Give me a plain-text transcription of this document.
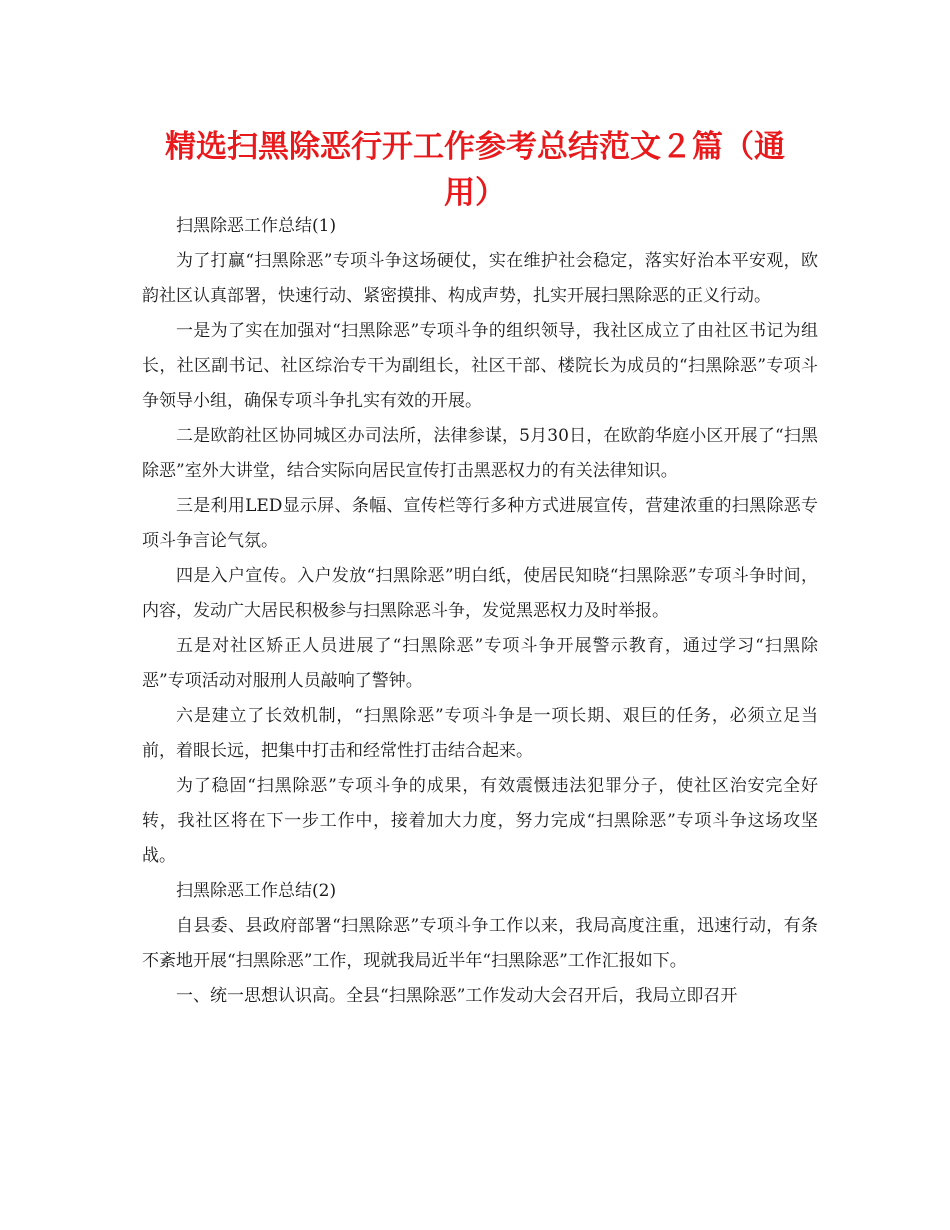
精选扫黑除恶行开工作参考总结范文２篇（通用）

扫黑除恶工作总结(1)

为了打赢“扫黑除恶”专项斗争这场硬仗，实在维护社会稳定，落实好治本平安观，欧韵社区认真部署，快速行动、紧密摸排、构成声势，扎实开展扫黑除恶的正义行动。

一是为了实在加强对“扫黑除恶”专项斗争的组织领导，我社区成立了由社区书记为组长，社区副书记、社区综治专干为副组长，社区干部、楼院长为成员的“扫黑除恶”专项斗争领导小组，确保专项斗争扎实有效的开展。

二是欧韵社区协同城区办司法所，法律参谋，5月30日，在欧韵华庭小区开展了“扫黑除恶”室外大讲堂，结合实际向居民宣传打击黑恶权力的有关法律知识。

三是利用LED显示屏、条幅、宣传栏等行多种方式进展宣传，营建浓重的扫黑除恶专项斗争言论气氛。

四是入户宣传。入户发放“扫黑除恶”明白纸，使居民知晓“扫黑除恶”专项斗争时间，内容，发动广大居民积极参与扫黑除恶斗争，发觉黑恶权力及时举报。

五是对社区矫正人员进展了“扫黑除恶”专项斗争开展警示教育，通过学习“扫黑除恶”专项活动对服刑人员敲响了警钟。

六是建立了长效机制，“扫黑除恶”专项斗争是一项长期、艰巨的任务，必须立足当前，着眼长远，把集中打击和经常性打击结合起来。

为了稳固“扫黑除恶”专项斗争的成果，有效震慑违法犯罪分子，使社区治安完全好转，我社区将在下一步工作中，接着加大力度，努力完成“扫黑除恶”专项斗争这场攻坚战。

扫黑除恶工作总结(2)

自县委、县政府部署“扫黑除恶”专项斗争工作以来，我局高度注重，迅速行动，有条不紊地开展“扫黑除恶”工作，现就我局近半年“扫黑除恶”工作汇报如下。

一、统一思想认识高。全县“扫黑除恶”工作发动大会召开后，我局立即召开
